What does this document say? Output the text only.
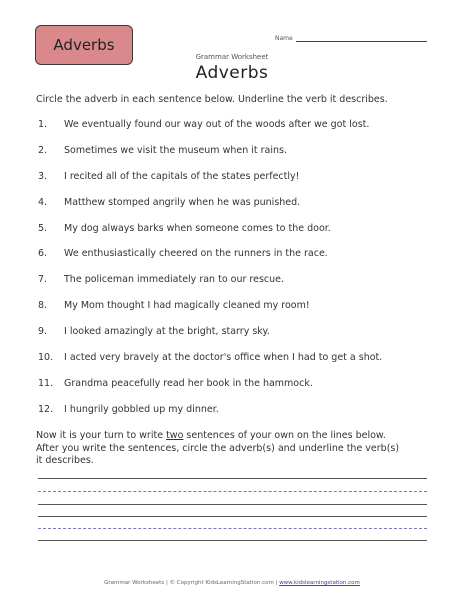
Adverbs	Name
Grammar Worksheet
Adverbs
Circle the adverb in each sentence below. Underline the verb it describes.
1.	We eventually found our way out of the woods after we got lost.
2.	Sometimes we visit the museum when it rains.
3.	I recited all of the capitals of the states perfectly!
4.	Matthew stomped angrily when he was punished.
5.	My dog always barks when someone comes to the door.
6.	We enthusiastically cheered on the runners in the race.
7.	The policeman immediately ran to our rescue.
8.	My Mom thought I had magically cleaned my room!
9.	I looked amazingly at the bright, starry sky.
10.	I acted very bravely at the doctor's office when I had to get a shot.
11.	Grandma peacefully read her book in the hammock.
12.	I hungrily gobbled up my dinner.

Now it is your turn to write two sentences of your own on the lines below.

After you write the sentences, circle the adverb(s) and underline the verb(s)

it describes.

Grammar Worksheets | © Copyright KidsLearningStation.com | www.kidslearningstation.com
